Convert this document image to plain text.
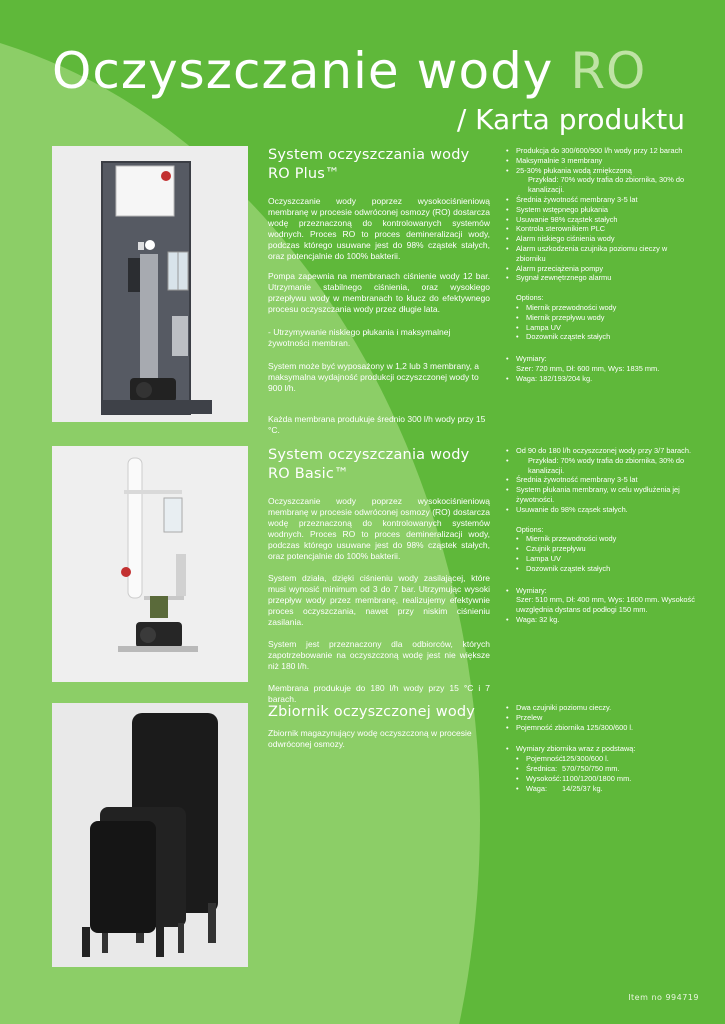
Oczyszczanie wody RO
/ Karta produktu
System oczyszczania wody RO Plus™

Oczyszczanie wody poprzez wysokociśnieniową membranę w procesie odwróconej osmozy (RO) dostarcza wodę przeznaczoną do kontrolowanych systemów wodnych. Proces RO to proces demineralizacji wody, podczas którego usuwane jest do 98% cząstek stałych, oraz potencjalnie do 100% bakterii.

Pompa zapewnia na membranach ciśnienie wody 12 bar. Utrzymanie stabilnego ciśnienia, oraz wysokiego przepływu wody w membranach to klucz do efektywnego procesu oczyszczania wody przez długie lata.

- Utrzymywanie niskiego płukania i maksymalnej żywotności membran.

System może być wyposażony w 1,2 lub 3 membrany, a maksymalna wydajność produkcji oczyszczonej wody to 900 l/h.

Każda membrana produkuje średnio 300 l/h wody przy 15 °C.

• Produkcja do 300/600/900 l/h wody przy 12 barach
• Maksymalnie 3 membrany
• 25-30% płukania wodą zmiękczoną
Przykład: 70% wody trafia do zbiornika, 30% do kanalizacji.
• Średnia żywotność membrany 3-5 lat
• System wstępnego płukania
• Usuwanie 98% cząstek stałych
• Kontrola sterownikiem PLC
• Alarm niskiego ciśnienia wody
• Alarm uszkodzenia czujnika poziomu cieczy w zbiorniku
• Alarm przeciążenia pompy
• Sygnał zewnętrznego alarmu
Options:
• Miernik przewodności wody
• Miernik przepływu wody
• Lampa UV
• Dozownik cząstek stałych
• Wymiary:
Szer: 720 mm, Dł: 600 mm, Wys: 1835 mm.
• Waga: 182/193/204 kg.
System oczyszczania wody RO Basic™

Oczyszczanie wody poprzez wysokociśnieniową membranę w procesie odwróconej osmozy (RO) dostarcza wodę przeznaczoną do kontrolowanych systemów wodnych. Proces RO to proces demineralizacji wody, podczas którego usuwane jest do 98% cząstek stałych, oraz potencjalnie do 100% bakterii.

System działa, dzięki ciśnieniu wody zasilającej, które musi wynosić minimum od 3 do 7 bar. Utrzymując wysoki przepływ wody przez membranę, realizujemy efektywnie proces oczyszczania, nawet przy niskim ciśnieniu zasilania.

System jest przeznaczony dla odbiorców, których zapotrzebowanie na oczyszczoną wodę jest nie większe niż 180 l/h.

Membrana produkuje do 180 l/h wody przy 15 °C i 7 barach.

• Od 90 do 180 l/h oczyszczonej wody przy 3/7 barach.
•	Przykład: 70% wody trafia do zbiornika, 30% do kanalizacji.
• Średnia żywotność membrany 3-5 lat
• System płukania membrany, w celu wydłużenia jej żywotności.
• Usuwanie do 98% cząsek stałych.
Options:
• Miernik przewodności wody
• Czujnik przepływu
• Lampa UV
• Dozownik cząstek stałych
• Wymiary:
Szer: 510 mm, Dł: 400 mm, Wys: 1600 mm. Wysokość uwzględnia dystans od podłogi 150 mm.
• Waga: 32 kg.
Zbiornik oczyszczonej wody

Zbiornik magazynujący wodę oczyszczoną w procesie odwróconej osmozy.

• Dwa czujniki poziomu cieczy.
• Przelew
• Pojemność zbiornika 125/300/600 l.
• Wymiary zbiornika wraz z podstawą:
• Pojemność:125/300/600 l.
• Średnica: 570/750/750 mm.
• Wysokość:1100/1200/1800 mm.
• Waga: 14/25/37 kg.
Item no 994719
